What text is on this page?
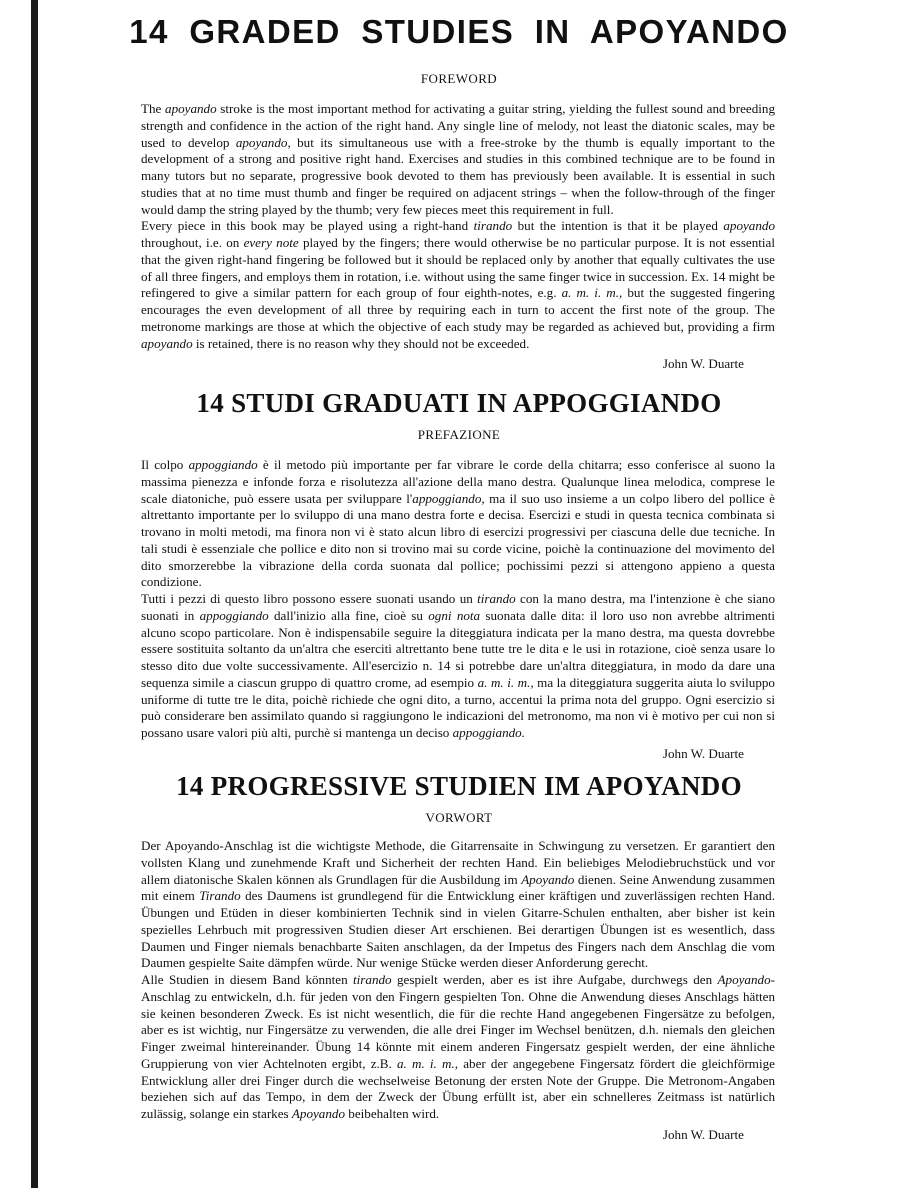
14 GRADED STUDIES IN APOYANDO
FOREWORD

The apoyando stroke is the most important method for activating a guitar string, yielding the fullest sound and breeding strength and confidence in the action of the right hand. Any single line of melody, not least the diatonic scales, may be used to develop apoyando, but its simultaneous use with a free-stroke by the thumb is equally important to the development of a strong and positive right hand. Exercises and studies in this combined technique are to be found in many tutors but no separate, progressive book devoted to them has previously been available. It is essential in such studies that at no time must thumb and finger be required on adjacent strings – when the follow-through of the finger would damp the string played by the thumb; very few pieces meet this requirement in full.

Every piece in this book may be played using a right-hand tirando but the intention is that it be played apoyando throughout, i.e. on every note played by the fingers; there would otherwise be no particular purpose. It is not essential that the given right-hand fingering be followed but it should be replaced only by another that equally cultivates the use of all three fingers, and employs them in rotation, i.e. without using the same finger twice in succession. Ex. 14 might be refingered to give a similar pattern for each group of four eighth-notes, e.g. a. m. i. m., but the suggested fingering encourages the even development of all three by requiring each in turn to accent the first note of the group. The metronome markings are those at which the objective of each study may be regarded as achieved but, providing a firm apoyando is retained, there is no reason why they should not be exceeded.

John W. Duarte
14 STUDI GRADUATI IN APPOGGIANDO
PREFAZIONE

Il colpo appoggiando è il metodo più importante per far vibrare le corde della chitarra; esso conferisce al suono la massima pienezza e infonde forza e risolutezza all'azione della mano destra. Qualunque linea melodica, comprese le scale diatoniche, può essere usata per sviluppare l'appoggiando, ma il suo uso insieme a un colpo libero del pollice è altrettanto importante per lo sviluppo di una mano destra forte e decisa. Esercizi e studi in questa tecnica combinata si trovano in molti metodi, ma finora non vi è stato alcun libro di esercizi progressivi per ciascuna delle due tecniche. In tali studi è essenziale che pollice e dito non si trovino mai su corde vicine, poichè la continuazione del movimento del dito smorzerebbe la vibrazione della corda suonata dal pollice; pochissimi pezzi si attengono appieno a questa condizione.

Tutti i pezzi di questo libro possono essere suonati usando un tirando con la mano destra, ma l'intenzione è che siano suonati in appoggiando dall'inizio alla fine, cioè su ogni nota suonata dalle dita: il loro uso non avrebbe altrimenti alcuno scopo particolare. Non è indispensabile seguire la diteggiatura indicata per la mano destra, ma questa dovrebbe essere sostituita soltanto da un'altra che eserciti altrettanto bene tutte tre le dita e le usi in rotazione, cioè senza usare lo stesso dito due volte successivamente. All'esercizio n. 14 si potrebbe dare un'altra diteggiatura, in modo da dare una sequenza simile a ciascun gruppo di quattro crome, ad esempio a. m. i. m., ma la diteggiatura suggerita aiuta lo sviluppo uniforme di tutte tre le dita, poichè richiede che ogni dito, a turno, accentui la prima nota del gruppo. Ogni esercizio si può considerare ben assimilato quando si raggiungono le indicazioni del metronomo, ma non vi è motivo per cui non si possano usare valori più alti, purchè si mantenga un deciso appoggiando.

John W. Duarte
14 PROGRESSIVE STUDIEN IM APOYANDO
VORWORT

Der Apoyando-Anschlag ist die wichtigste Methode, die Gitarrensaite in Schwingung zu versetzen. Er garantiert den vollsten Klang und zunehmende Kraft und Sicherheit der rechten Hand. Ein beliebiges Melodiebruchstück und vor allem diatonische Skalen können als Grundlagen für die Ausbildung im Apoyando dienen. Seine Anwendung zusammen mit einem Tirando des Daumens ist grundlegend für die Entwicklung einer kräftigen und zuverlässigen rechten Hand. Übungen und Etüden in dieser kombinierten Technik sind in vielen Gitarre-Schulen enthalten, aber bisher ist kein spezielles Lehrbuch mit progressiven Studien dieser Art erschienen. Bei derartigen Übungen ist es wesentlich, dass Daumen und Finger niemals benachbarte Saiten anschlagen, da der Impetus des Fingers nach dem Anschlag die vom Daumen gespielte Saite dämpfen würde. Nur wenige Stücke werden dieser Anforderung gerecht.

Alle Studien in diesem Band könnten tirando gespielt werden, aber es ist ihre Aufgabe, durchwegs den Apoyando-Anschlag zu entwickeln, d.h. für jeden von den Fingern gespielten Ton. Ohne die Anwendung dieses Anschlags hätten sie keinen besonderen Zweck. Es ist nicht wesentlich, die für die rechte Hand angegebenen Fingersätze zu befolgen, aber es ist wichtig, nur Fingersätze zu verwenden, die alle drei Finger im Wechsel benützen, d.h. niemals den gleichen Finger zweimal hintereinander. Übung 14 könnte mit einem anderen Fingersatz gespielt werden, der eine ähnliche Gruppierung von vier Achtelnoten ergibt, z.B. a. m. i. m., aber der angegebene Fingersatz fördert die gleichförmige Entwicklung aller drei Finger durch die wechselweise Betonung der ersten Note der Gruppe. Die Metronom-Angaben beziehen sich auf das Tempo, in dem der Zweck der Übung erfüllt ist, aber ein schnelleres Zeitmass ist natürlich zulässig, solange ein starkes Apoyando beibehalten wird.

John W. Duarte
